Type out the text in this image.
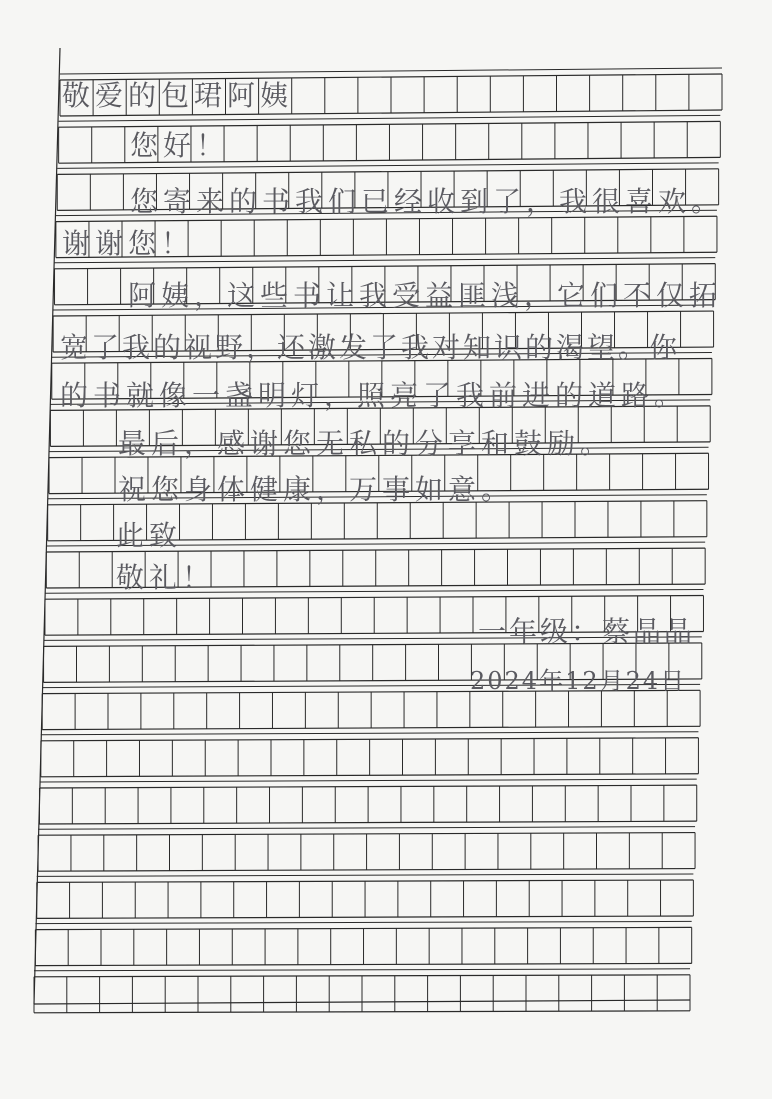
敬爱的包珺阿姨
您好！
您寄来的书我们已经收到了，我很喜欢。
谢谢您！
阿姨，这些书让我受益匪浅，它们不仅拓
宽了我的视野，还激发了我对知识的渴望。你
的书就像一盏明灯，照亮了我前进的道路。
最后，感谢您无私的分享和鼓励。
祝您身体健康，万事如意。
此致
敬礼！
一年级：蔡晶晶
2024年12月24日
